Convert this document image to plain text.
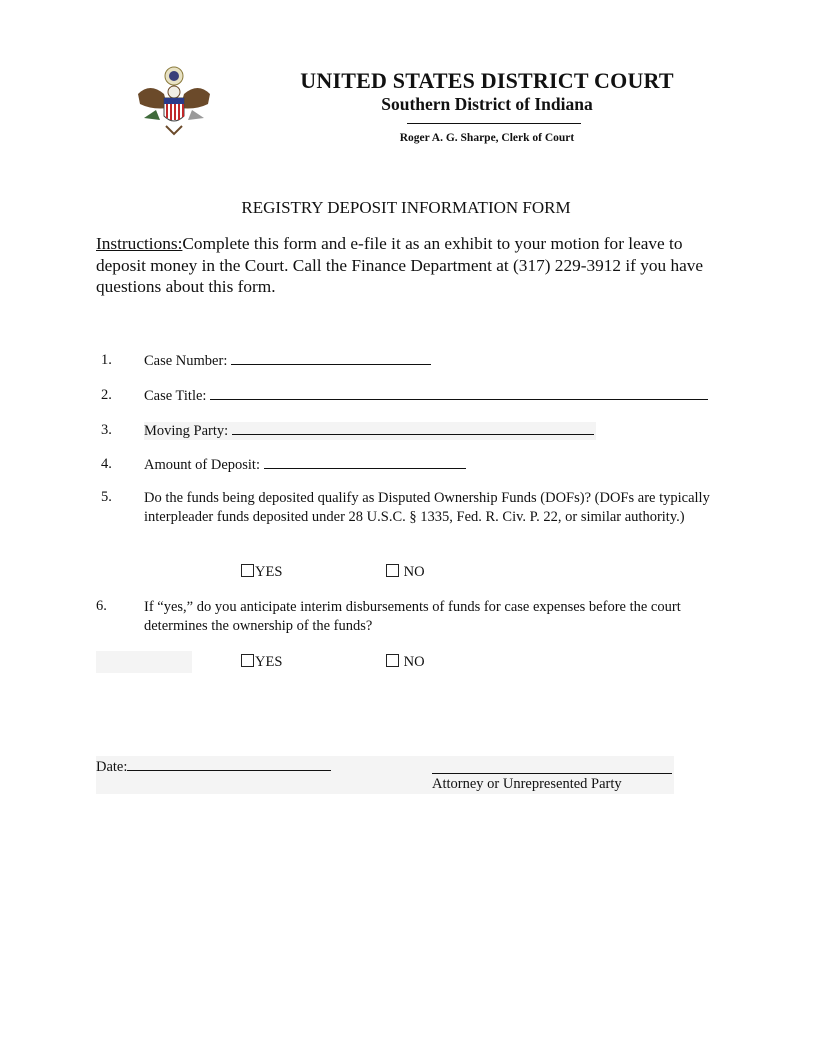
UNITED STATES DISTRICT COURT
Southern District of Indiana
Roger A. G. Sharpe, Clerk of Court
REGISTRY DEPOSIT INFORMATION FORM
Instructions:Complete this form and e-file it as an exhibit to your motion for leave to deposit money in the Court. Call the Finance Department at (317) 229-3912 if you have questions about this form.
1. Case Number:
2. Case Title:
3. Moving Party:
4. Amount of Deposit:
5. Do the funds being deposited qualify as Disputed Ownership Funds (DOFs)? (DOFs are typically interpleader funds deposited under 28 U.S.C. § 1335, Fed. R. Civ. P. 22, or similar authority.)
YES	NO
6.	If “yes,” do you anticipate interim disbursements of funds for case expenses before the court determines the ownership of the funds?
YES	NO
Date:
Attorney or Unrepresented Party
